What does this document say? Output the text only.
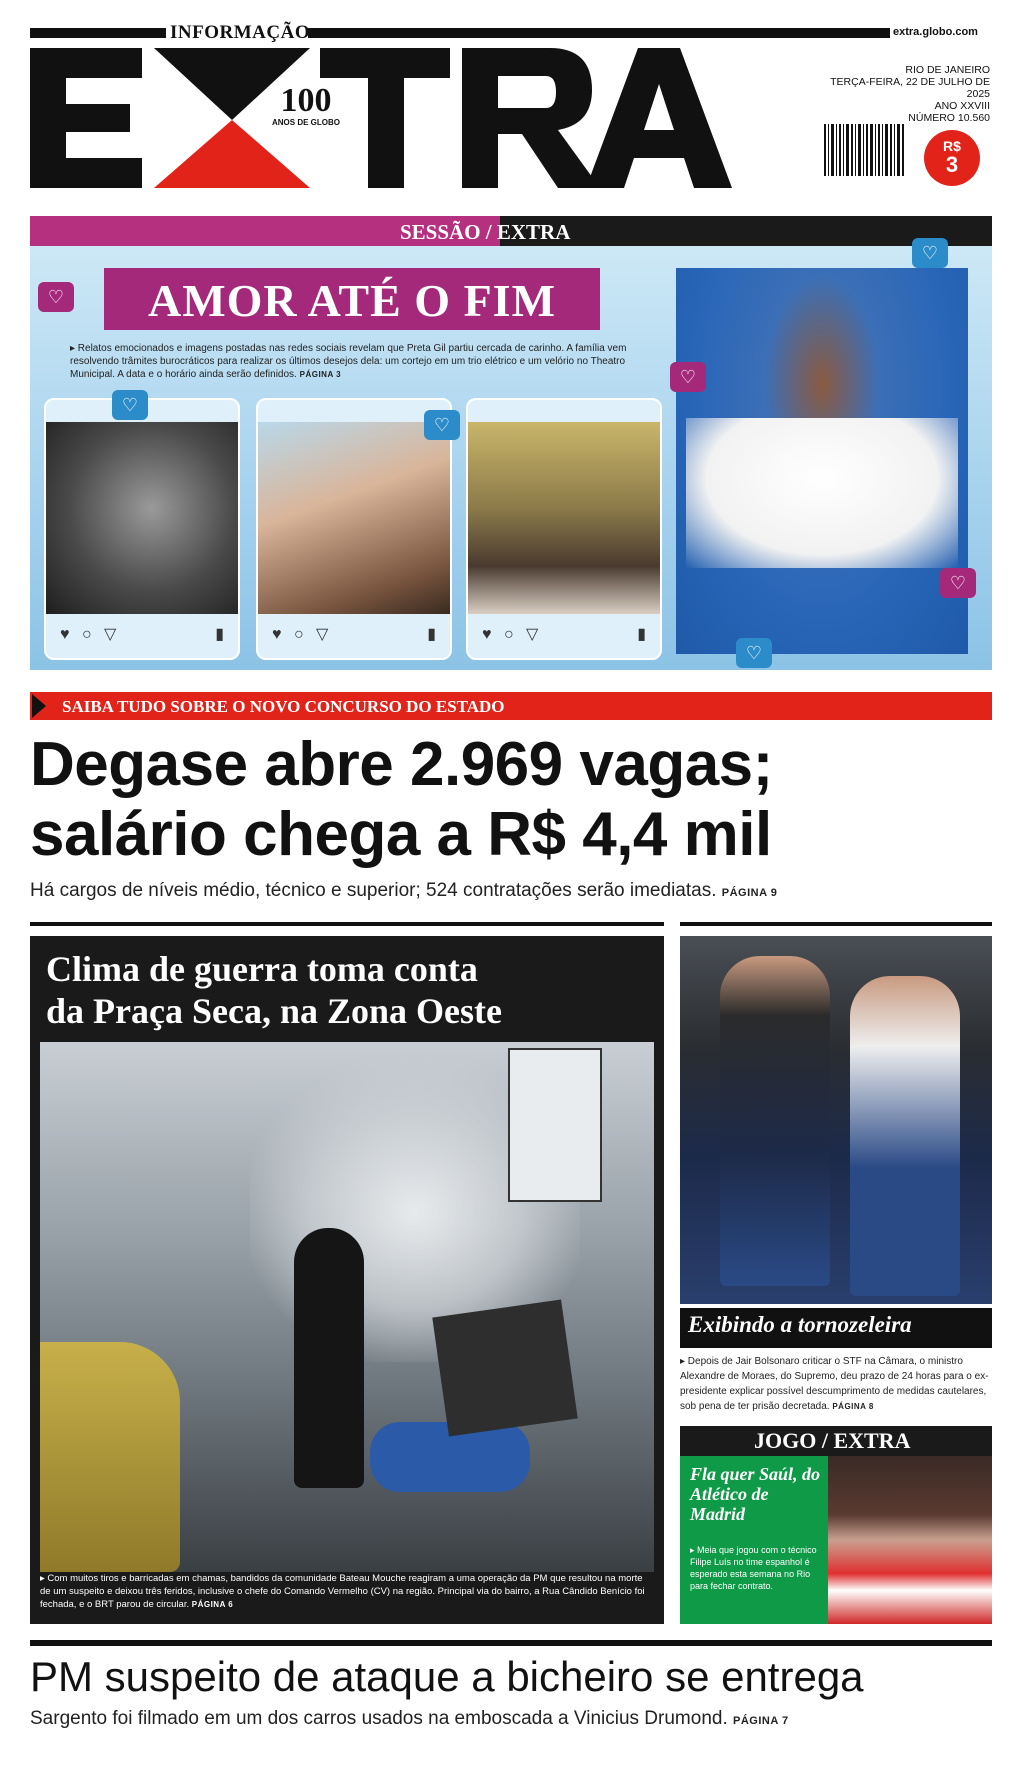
INFORMAÇÃO	extra.globo.com
100
ANOS DE GLOBO
RIO DE JANEIRO
TERÇA-FEIRA, 22 DE JULHO DE 2025
ANO XXVIII
NÚMERO 10.560
R$
3
SESSÃO / EXTRA
♡	AMOR ATÉ O FIM
▸ Relatos emocionados e imagens postadas nas redes sociais revelam que Preta Gil partiu cercada de carinho. A família vem resolvendo trâmites burocráticos para realizar os últimos desejos dela: um cortejo em um trio elétrico e um velório no Theatro Municipal. A data e o horário ainda serão definidos. PÁGINA 3
♥ ○ ▽	▮
♡
♥ ○ ▽	▮
♡
♥ ○ ▽	▮
♡
♡
♡
♡
SAIBA TUDO SOBRE O NOVO CONCURSO DO ESTADO
Degase abre 2.969 vagas;
salário chega a R$ 4,4 mil
Há cargos de níveis médio, técnico e superior; 524 contratações serão imediatas. PÁGINA 9
Clima de guerra toma conta
da Praça Seca, na Zona Oeste
▸ Com muitos tiros e barricadas em chamas, bandidos da comunidade Bateau Mouche reagiram a uma operação da PM que resultou na morte de um suspeito e deixou três feridos, inclusive o chefe do Comando Vermelho (CV) na região. Principal via do bairro, a Rua Cândido Benício foi fechada, e o BRT parou de circular. PÁGINA 6
Exibindo a tornozeleira
▸ Depois de Jair Bolsonaro criticar o STF na Câmara, o ministro Alexandre de Moraes, do Supremo, deu prazo de 24 horas para o ex-presidente explicar possível descumprimento de medidas cautelares, sob pena de ter prisão decretada. PÁGINA 8
JOGO / EXTRA
Fla quer Saúl, do Atlético de Madrid
▸ Meia que jogou com o técnico Filipe Luís no time espanhol é esperado esta semana no Rio para fechar contrato.
PM suspeito de ataque a bicheiro se entrega
Sargento foi filmado em um dos carros usados na emboscada a Vinicius Drumond. PÁGINA 7
